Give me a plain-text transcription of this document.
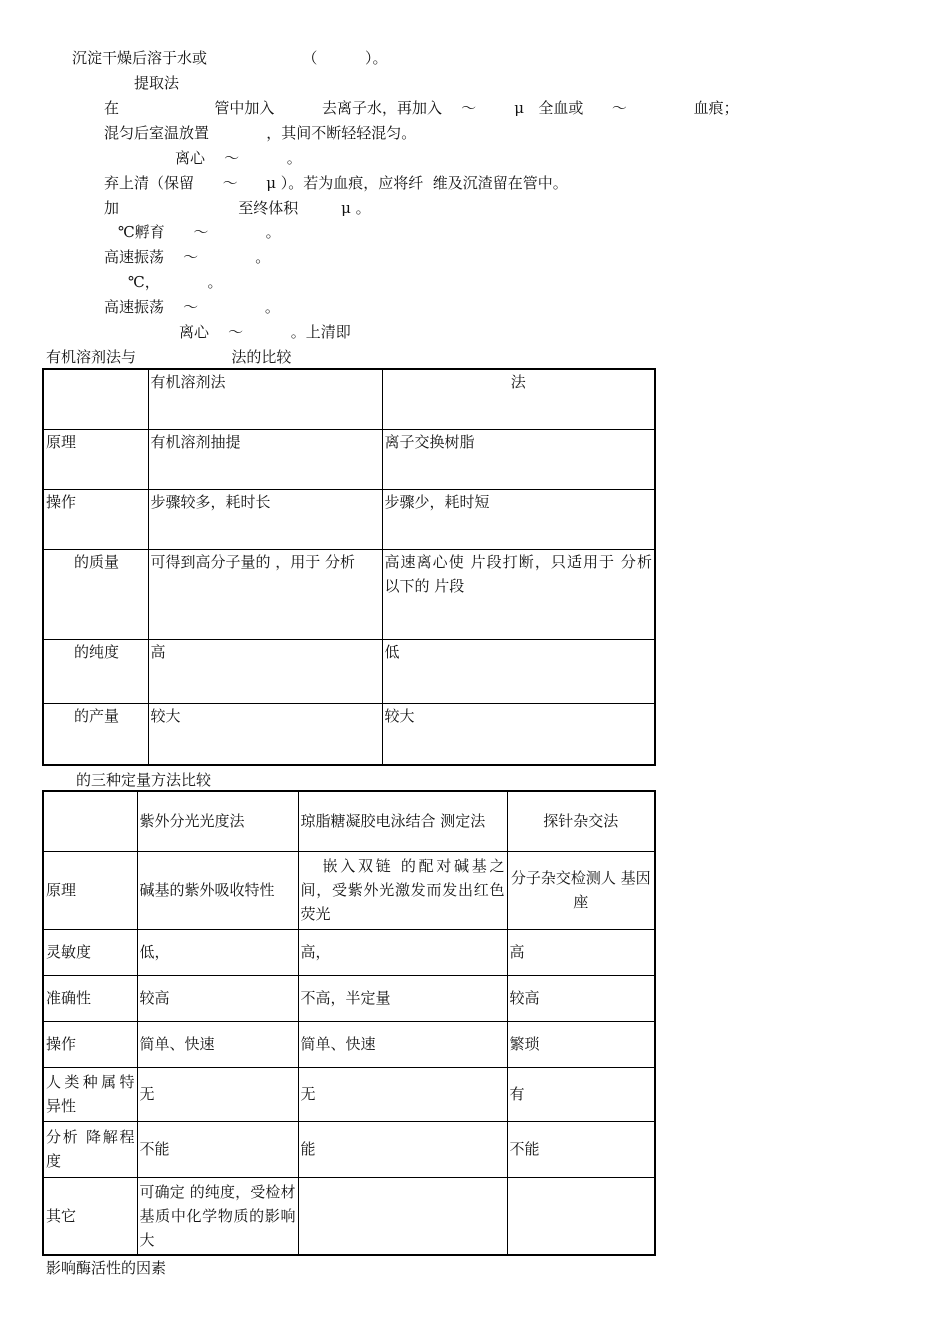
沉淀干燥后溶于水或                    （          ）。
提取法
在                    管中加入          去离子水，再加入    ～        μ   全血或      ～              血痕；
混匀后室温放置            ，其间不断轻轻混匀。
离心    ～          。
弃上清（保留      ～      μ ）。若为血痕，应将纤  维及沉渣留在管中。
加                         至终体积         μ 。
℃孵育      ～            。
高速振荡    ～            。
℃，          。
高速振荡    ～              。
离心    ～          。上清即
有机溶剂法与                    法的比较
	有机溶剂法	法
原理	有机溶剂抽提	离子交换树脂
操作	步骤较多，耗时长	步骤少，耗时短
的质量	可得到高分子量的 ，用于 分析	高速离心使 片段打断，只适用于 分析 以下的 片段
的纯度	高	低
的产量	较大	较大
的三种定量方法比较
	紫外分光光度法	琼脂糖凝胶电泳结合 测定法	探针杂交法
原理	碱基的紫外吸收特性	嵌入双链 的配对碱基之间，受紫外光激发而发出红色荧光	分子杂交检测人 基因座
灵敏度	低，	高，	高
准确性	较高	不高，半定量	较高
操作	简单、快速	简单、快速	繁琐
人类种属特异性	无	无	有
分析 降解程度	不能	能	不能
其它	可确定 的纯度，受检材基质中化学物质的影响大		
影响酶活性的因素
